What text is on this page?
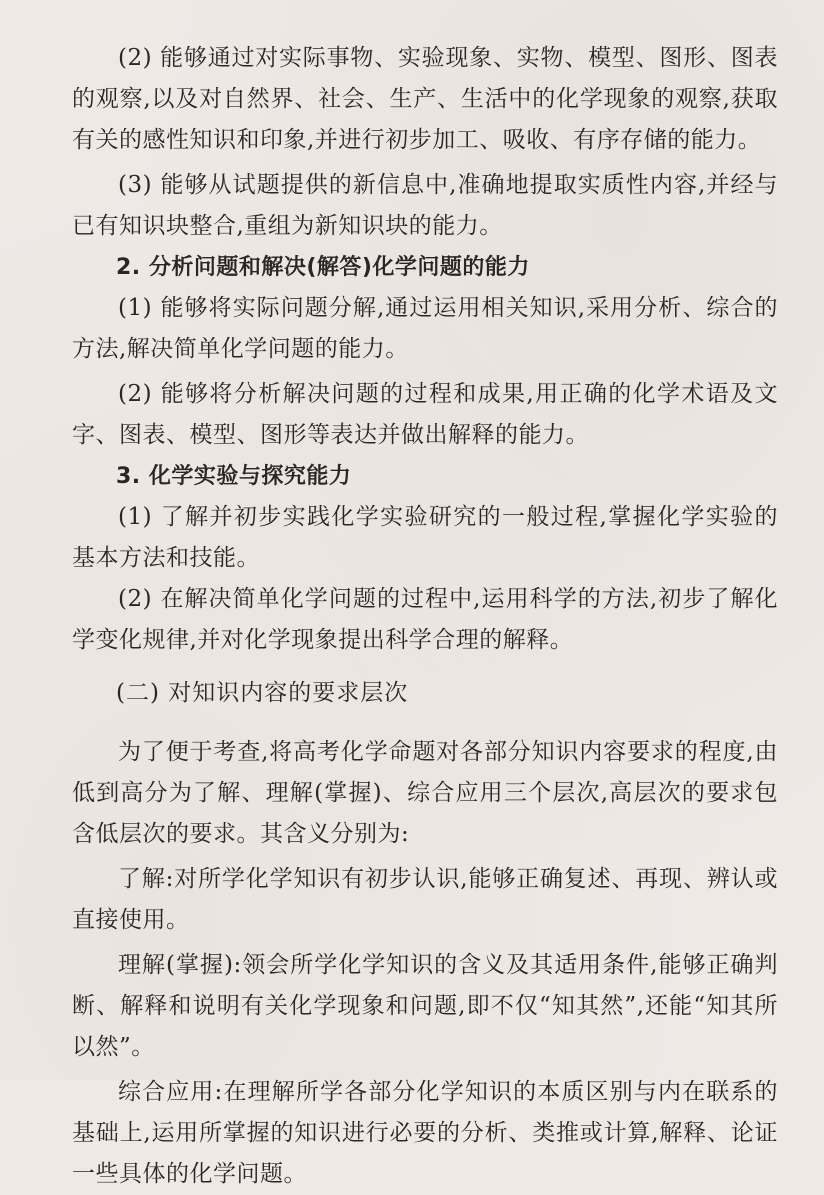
(2) 能够通过对实际事物、实验现象、实物、模型、图形、图表的观察,以及对自然界、社会、生产、生活中的化学现象的观察,获取有关的感性知识和印象,并进行初步加工、吸收、有序存储的能力。

(3) 能够从试题提供的新信息中,准确地提取实质性内容,并经与已有知识块整合,重组为新知识块的能力。

2. 分析问题和解决(解答)化学问题的能力

(1) 能够将实际问题分解,通过运用相关知识,采用分析、综合的方法,解决简单化学问题的能力。

(2) 能够将分析解决问题的过程和成果,用正确的化学术语及文字、图表、模型、图形等表达并做出解释的能力。

3. 化学实验与探究能力

(1) 了解并初步实践化学实验研究的一般过程,掌握化学实验的基本方法和技能。

(2) 在解决简单化学问题的过程中,运用科学的方法,初步了解化学变化规律,并对化学现象提出科学合理的解释。

(二) 对知识内容的要求层次

为了便于考查,将高考化学命题对各部分知识内容要求的程度,由低到高分为了解、理解(掌握)、综合应用三个层次,高层次的要求包含低层次的要求。其含义分别为:

了解:对所学化学知识有初步认识,能够正确复述、再现、辨认或直接使用。

理解(掌握):领会所学化学知识的含义及其适用条件,能够正确判断、解释和说明有关化学现象和问题,即不仅“知其然”,还能“知其所以然”。

综合应用:在理解所学各部分化学知识的本质区别与内在联系的基础上,运用所掌握的知识进行必要的分析、类推或计算,解释、论证一些具体的化学问题。
